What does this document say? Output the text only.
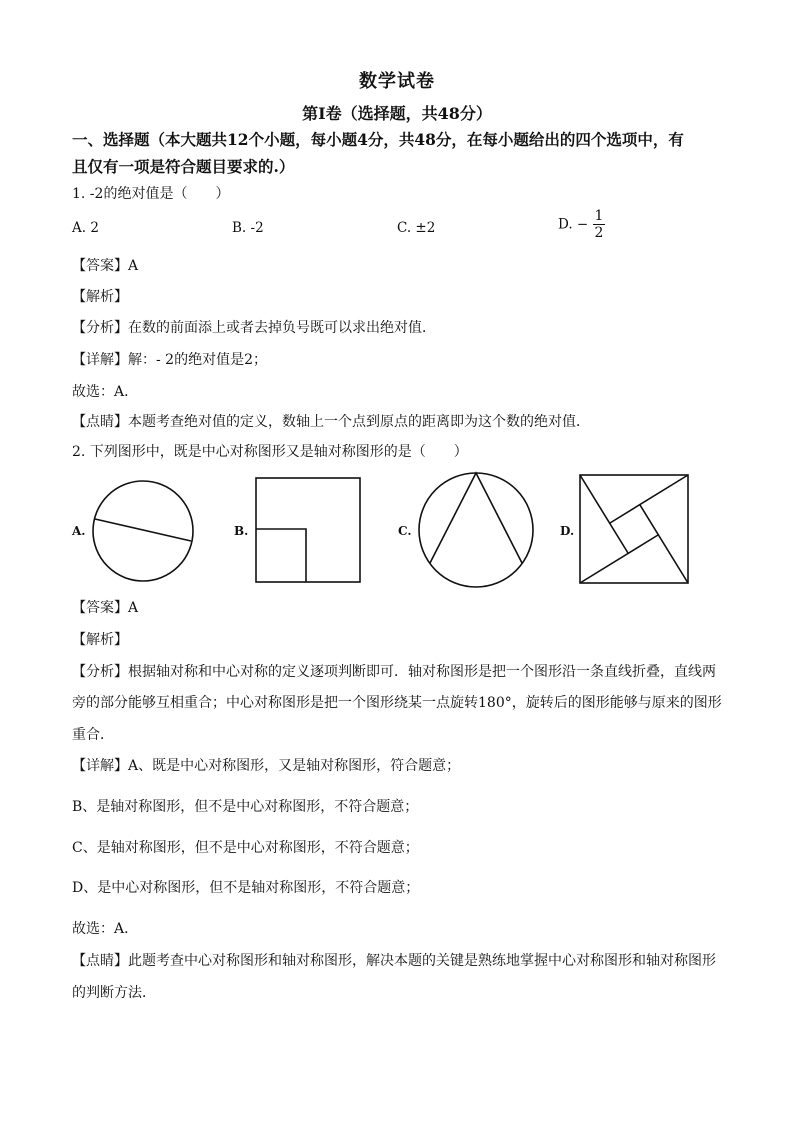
数学试卷
第Ⅰ卷（选择题，共48分）
一、选择题（本大题共12个小题，每小题4分，共48分，在每小题给出的四个选项中，有
且仅有一项是符合题目要求的.）
1. -2的绝对值是（　　）
A. 2	B. -2	C. ±2	D. − $\frac{1}{2}$
【答案】A
【解析】
【分析】在数的前面添上或者去掉负号既可以求出绝对值．
【详解】解：- 2的绝对值是2；
故选：A．
【点睛】本题考查绝对值的定义，数轴上一个点到原点的距离即为这个数的绝对值．
2. 下列图形中，既是中心对称图形又是轴对称图形的是（　　）
A.	B.	C.	D.
【答案】A
【解析】
【分析】根据轴对称和中心对称的定义逐项判断即可．轴对称图形是把一个图形沿一条直线折叠，直线两
旁的部分能够互相重合；中心对称图形是把一个图形绕某一点旋转180°，旋转后的图形能够与原来的图形
重合．
【详解】A、既是中心对称图形，又是轴对称图形，符合题意；
B、是轴对称图形，但不是中心对称图形，不符合题意；
C、是轴对称图形，但不是中心对称图形，不符合题意；
D、是中心对称图形，但不是轴对称图形，不符合题意；
故选：A．
【点睛】此题考查中心对称图形和轴对称图形，解决本题的关键是熟练地掌握中心对称图形和轴对称图形
的判断方法．
